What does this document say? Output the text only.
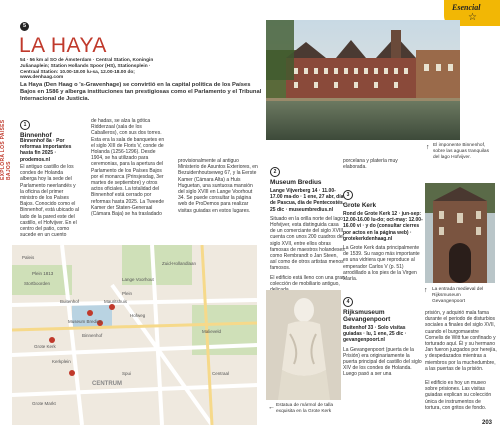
5
LA HAYA
54 · 56 km al SO de Ámsterdam · Central Station, Koningin Julianaplein; Station Hollands Spoor (HS), Stationsplein · Centraal Station: 10.00-18.00 lu-sa, 12.00-18.00 do; www.denhaag.com
La Haya (Den Haag o 's-Gravenhage) se convirtió en la capital política de los Países Bajos en 1586 y alberga instituciones tan prestigiosas como el Parlamento y el Tribunal Internacional de Justicia.
EXPLORA LOS PAÍSES BAJOS
Esencial
☆
↑ El imponente Binnenhof, sobre las aguas tranquilas del lago Hofvijver.
1
Binnenhof
Binnenhof 8a · Por reformas importantes hasta fin 2025 · prodemos.nl
El antiguo castillo de los condes de Holanda alberga hoy la sede del Parlamento neerlandés y la oficina del primer ministro de los Países Bajos. Conocido como el Binnenhof, está ubicado al lado de la pared este del castillo, el Hofvijver. En el centro del patio, como sucede en un cuento
de hadas, se alza la gótica Ridderzaal (sala de los Caballeros), con sus dos torres. Esta era la sala de banquetes en el siglo XIII de Floris V, conde de Holanda (1256-1296). Desde 1904, se ha utilizado para ceremonias, para la apertura del Parlamento de los Países Bajos por el monarca (Prinsjesdag, 3er martes de septiembre) y otros actos oficiales. La totalidad del Binnenhof está cerrado por reformas hasta 2025. La Tweede Kamer der Staten-Generaal (Cámara Baja) se ha trasladado
provisionalmente al antiguo Ministerio de Asuntos Exteriores, en Bezuidenhoutseweg 67, y la Eerste Kamer (Cámara Alta) a Huis Huguetan, una suntuosa mansión del siglo XVIII en Lange Voorhout 34. Se puede consultar la página web de ProDemos para realizar visitas guiadas en estos lugares.
2
Museum Bredius
Lange Vijverberg 14 · 11.00-17.00 ma-do · 1 ene, 27 abr, día de Pascua, día de Pentecostés, 25 dic · museumbredius.nl
Situado en la orilla norte del lago Hofvijver, esta distinguida casa de un comerciante del siglo XVIII cuenta con unos 200 cuadros del siglo XVII, entre ellos obras famosas de maestros holandeses como Rembrandt o Jan Steen, así como de otros artistas menos famosos.
El edificio está lleno con una gran colección de mobiliario antiguo,
porcelana y platería muy elaborada.
3
Grote Kerk
Rond de Grote Kerk 12 · jun-sep: 12.00-16.00 lu-do; oct-may: 12.00-16.00 vi · y do (consultar cierres por actos en la página web) · grotekerkdenhaag.nl
La Grote Kerk data principalmente de 1539. Su rasgo más importante es una vidriera que reproduce al emperador Carlos V (p. 51) arrodillado a los pies de la Virgen María.
↑ La entrada medieval del Rijksmuseum Gevangenpoort
4
Rijksmuseum Gevangenpoort
Buitenhof 33 · Solo visitas guiadas · lu, 1 ene, 25 dic · gevangenpoort.nl
La Gevangenpoort (puerta de la Prisión) era originariamente la puerta principal del castillo del siglo XIV de los condes de Holanda. Luego pasó a ser una
prisión, y adquirió mala fama durante el periodo de disturbios sociales a finales del siglo XVII, cuando el burgomaestre Cornelis de Witt fue confinado y torturado aquí. Él y su hermano Jan fueron juzgados por herejía, y despedazados mientras a miembros por la muchedumbre, a las puertas de la prisión.
El edificio es hoy un museo sobre prisiones. Las visitas guiadas explican su colección única de instrumentos de tortura, con gritos de fondo.
← Estatua de mármol de talla exquisita en la Grote Kerk
Paleis
Stortboorden
Buitenhof
Binnenhof
Mauritshuis
Grote Kerk
CENTRUM
Malieveld
Plein
Museum Bredius
Zuid-Hollandlaan
Kerkplein
Hofweg
Spui
Lange Voorhout
Plein 1813
Centraal
Grote Markt
203
